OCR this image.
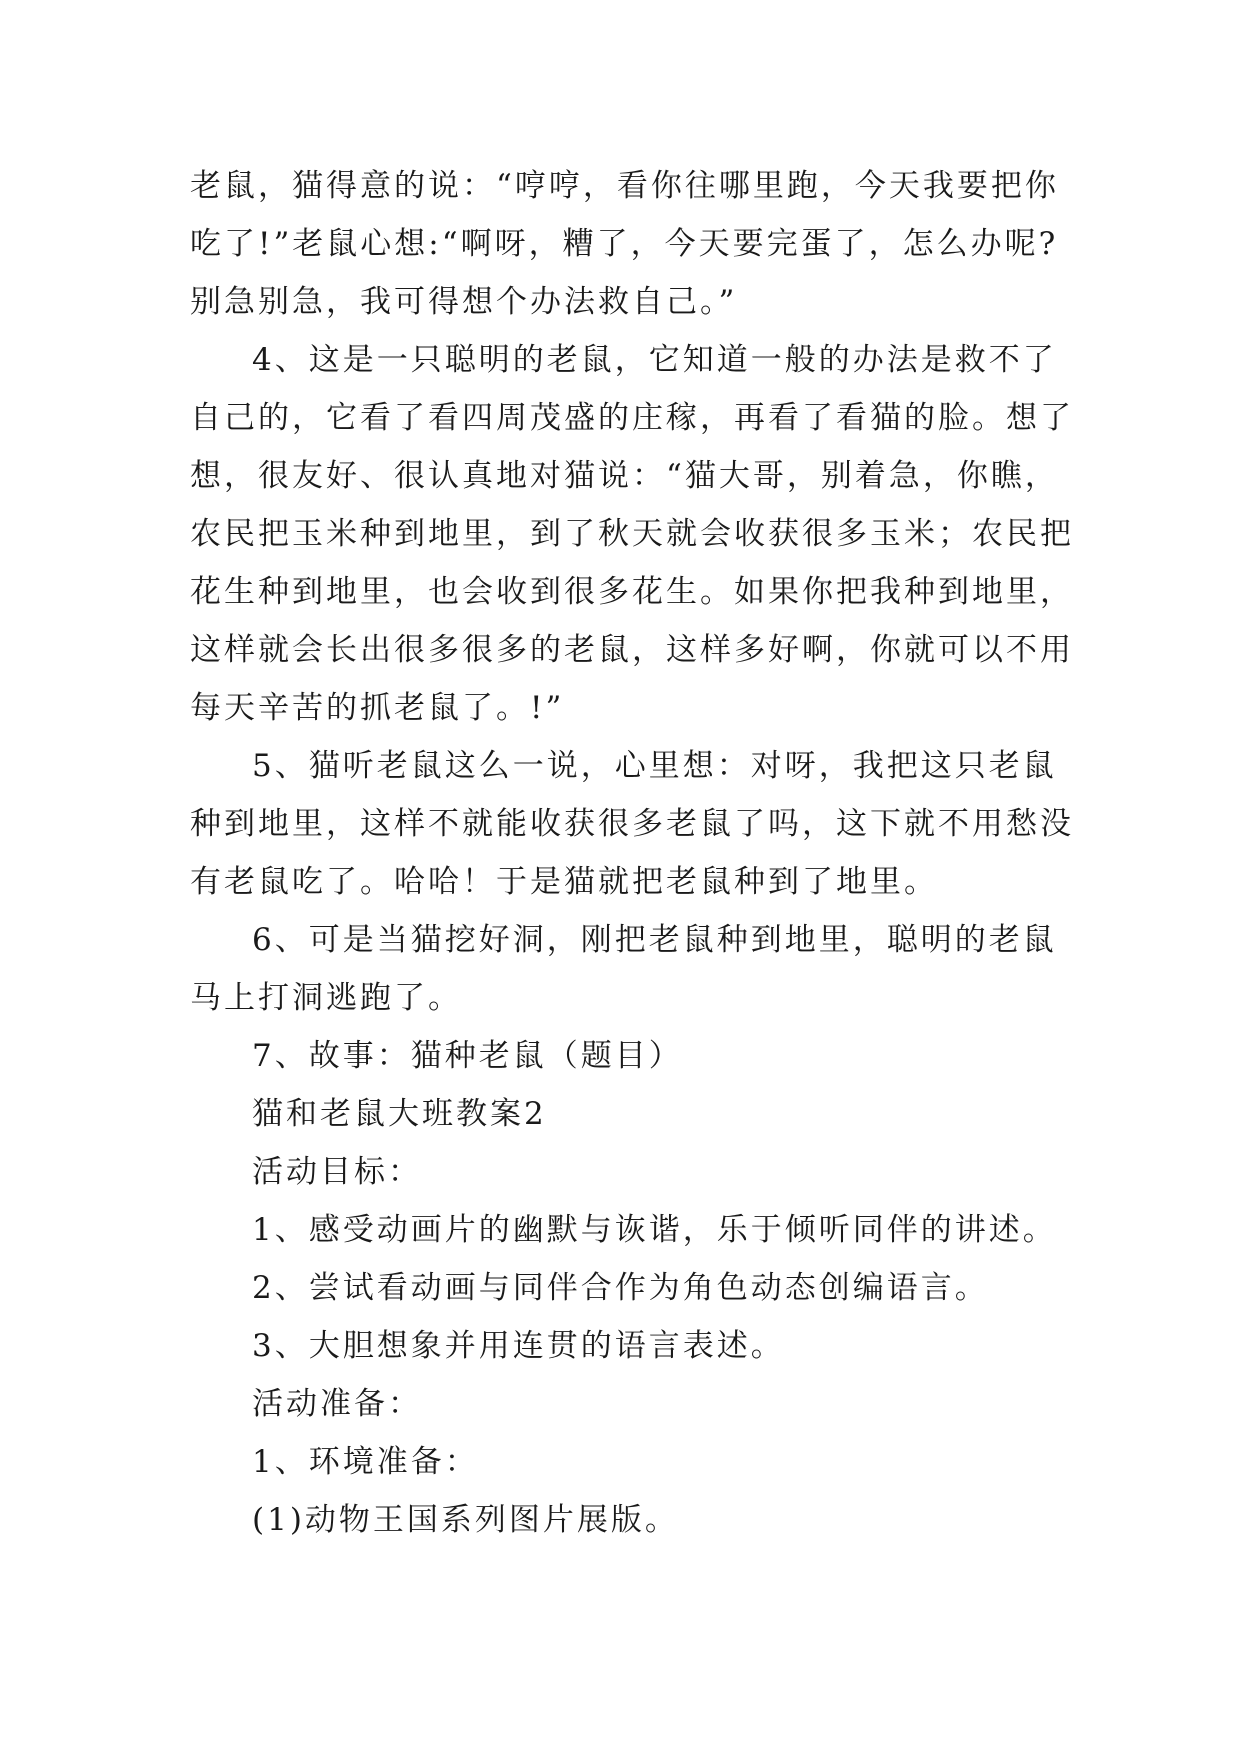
老鼠，猫得意的说：“哼哼，看你往哪里跑，今天我要把你
吃了!”老鼠心想:“啊呀，糟了，今天要完蛋了，怎么办呢?
别急别急，我可得想个办法救自己。”
4、这是一只聪明的老鼠，它知道一般的办法是救不了
自己的，它看了看四周茂盛的庄稼，再看了看猫的脸。想了
想，很友好、很认真地对猫说：“猫大哥，别着急，你瞧，
农民把玉米种到地里，到了秋天就会收获很多玉米；农民把
花生种到地里，也会收到很多花生。如果你把我种到地里，
这样就会长出很多很多的老鼠，这样多好啊，你就可以不用
每天辛苦的抓老鼠了。!”
5、猫听老鼠这么一说，心里想：对呀，我把这只老鼠
种到地里，这样不就能收获很多老鼠了吗，这下就不用愁没
有老鼠吃了。哈哈！于是猫就把老鼠种到了地里。
6、可是当猫挖好洞，刚把老鼠种到地里，聪明的老鼠
马上打洞逃跑了。
7、故事：猫种老鼠（题目）
猫和老鼠大班教案2
活动目标：
1、感受动画片的幽默与诙谐，乐于倾听同伴的讲述。
2、尝试看动画与同伴合作为角色动态创编语言。
3、大胆想象并用连贯的语言表述。
活动准备：
1、环境准备：
(1)动物王国系列图片展版。
